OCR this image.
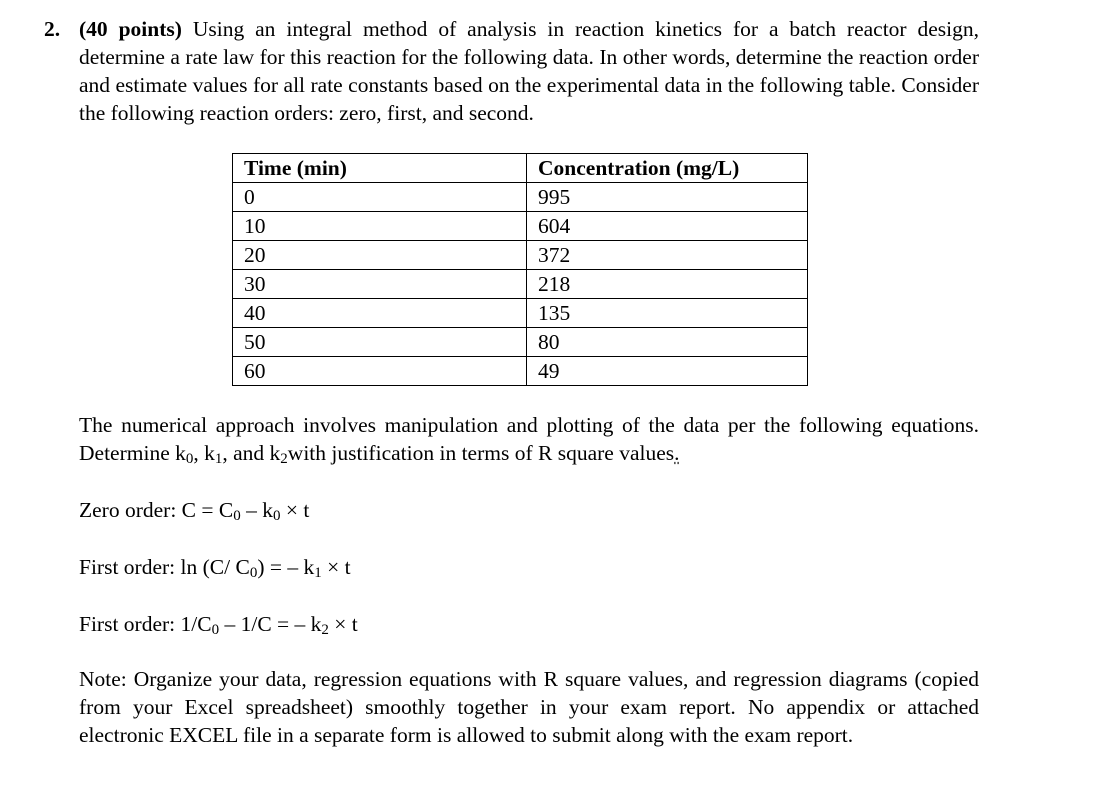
2. (40 points) Using an integral method of analysis in reaction kinetics for a batch reactor design, determine a rate law for this reaction for the following data. In other words, determine the reaction order and estimate values for all rate constants based on the experimental data in the following table. Consider the following reaction orders: zero, first, and second.
Time (min)	Concentration (mg/L)
0	995
10	604
20	372
30	218
40	135
50	80
60	49
The numerical approach involves manipulation and plotting of the data per the following equations. Determine $k_0$, $k_1$, and $k_2with$ justification in terms of R square values.
Zero order: $C = C_0 - k_0 \times t$
First order: ln (C/ $C_0$) = – $k_1 \times t$
First order: $1/C_0 - 1/C$ = – $k_2 \times t$
Note: Organize your data, regression equations with R square values, and regression diagrams (copied from your Excel spreadsheet) smoothly together in your exam report. No appendix or attached electronic EXCEL file in a separate form is allowed to submit along with the exam report.
